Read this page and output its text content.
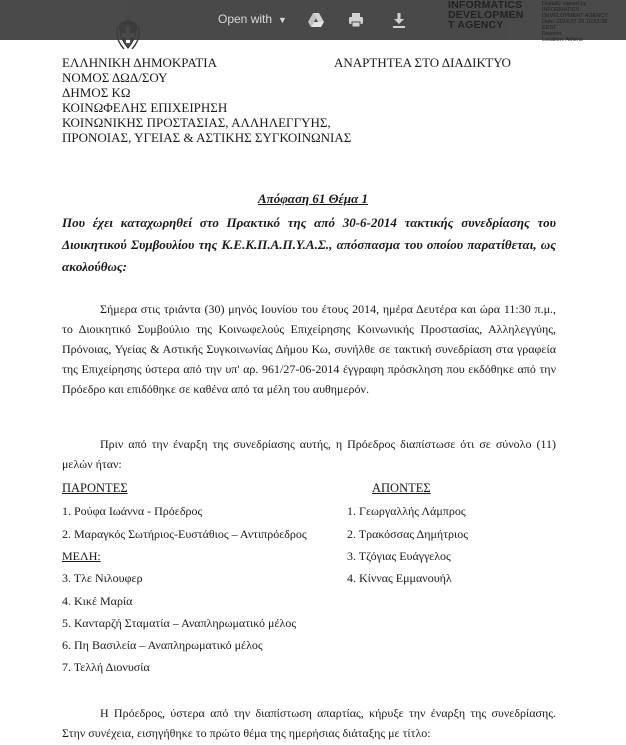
ΕΛΛΗΝΙΚΗ ΔΗΜΟΚΡΑΤΙΑ
ΝΟΜΟΣ ΔΩΔ/ΣΟΥ
ΔΗΜΟΣ ΚΩ
ΚΟΙΝΩΦΕΛΗΣ ΕΠΙΧΕΙΡΗΣΗ
ΚΟΙΝΩΝΙΚΗΣ ΠΡΟΣΤΑΣΙΑΣ, ΑΛΛΗΛΕΓΓΥΗΣ,
ΠΡΟΝΟΙΑΣ, ΥΓΕΙΑΣ & ΑΣΤΙΚΗΣ ΣΥΓΚΟΙΝΩΝΙΑΣ
ΑΝΑΡΤΗΤΕΑ ΣΤΟ ΔΙΑΔΙΚΤΥΟ
Απόφαση 61 Θέμα 1
Που έχει καταχωρηθεί στο Πρακτικό της από 30-6-2014 τακτικής συνεδρίασης του Διοικητικού Συμβουλίου της Κ.Ε.Κ.Π.Α.Π.Υ.Α.Σ., απόσπασμα του οποίου παρατίθεται, ως ακολούθως:
Σήμερα στις τριάντα (30) μηνός Ιουνίου του έτους 2014, ημέρα Δευτέρα και ώρα 11:30 π.μ., το Διοικητικό Συμβούλιο της Κοινωφελούς Επιχείρησης Κοινωνικής Προστασίας, Αλληλεγγύης, Πρόνοιας, Υγείας & Αστικής Συγκοινωνίας Δήμου Κω, συνήλθε σε τακτική συνεδρίαση στα γραφεία της Επιχείρησης ύστερα από την υπ' αρ. 961/27-06-2014 έγγραφη πρόσκληση που εκδόθηκε από την Πρόεδρο και επιδόθηκε σε καθένα από τα μέλη του αυθημερόν.
Πριν από την έναρξη της συνεδρίασης αυτής, η Πρόεδρος διαπίστωσε ότι σε σύνολο (11) μελών ήταν:
ΠΑΡΟΝΤΕΣ	ΑΠΟΝΤΕΣ
1. Ρούφα Ιωάννα - Πρόεδρος
2. Μαραγκός Σωτήριος-Ευστάθιος – Αντιπρόεδρος
ΜΕΛΗ:
3. Τλε Νιλουφερ
4. Κικέ Μαρία
5. Κανταρζή Σταματία – Αναπληρωματικό μέλος
6. Πη Βασιλεία – Αναπληρωματικό μέλος
7. Τελλή Διονυσία
1. Γεωργαλλής Λάμπρος
2. Τρακόσσας Δημήτριος
3. Τζόγιας Ευάγγελος
4. Κίννας Εμμανουήλ
Η Πρόεδρος, ύστερα από την διαπίστωση απαρτίας, κήρυξε την έναρξη της συνεδρίασης. Στην συνέχεια, εισηγήθηκε το πρώτο θέμα της ημερήσιας διάταξης με τίτλο:
Open with ▼
INFORMATICS
DEVELOPMEN
T AGENCY
Digitally signed by
INFORMATICS
DEVELOPMENT AGENCY
Date: 2014.07.29 10:53:38
EEST
Reason:
Location: Athens
